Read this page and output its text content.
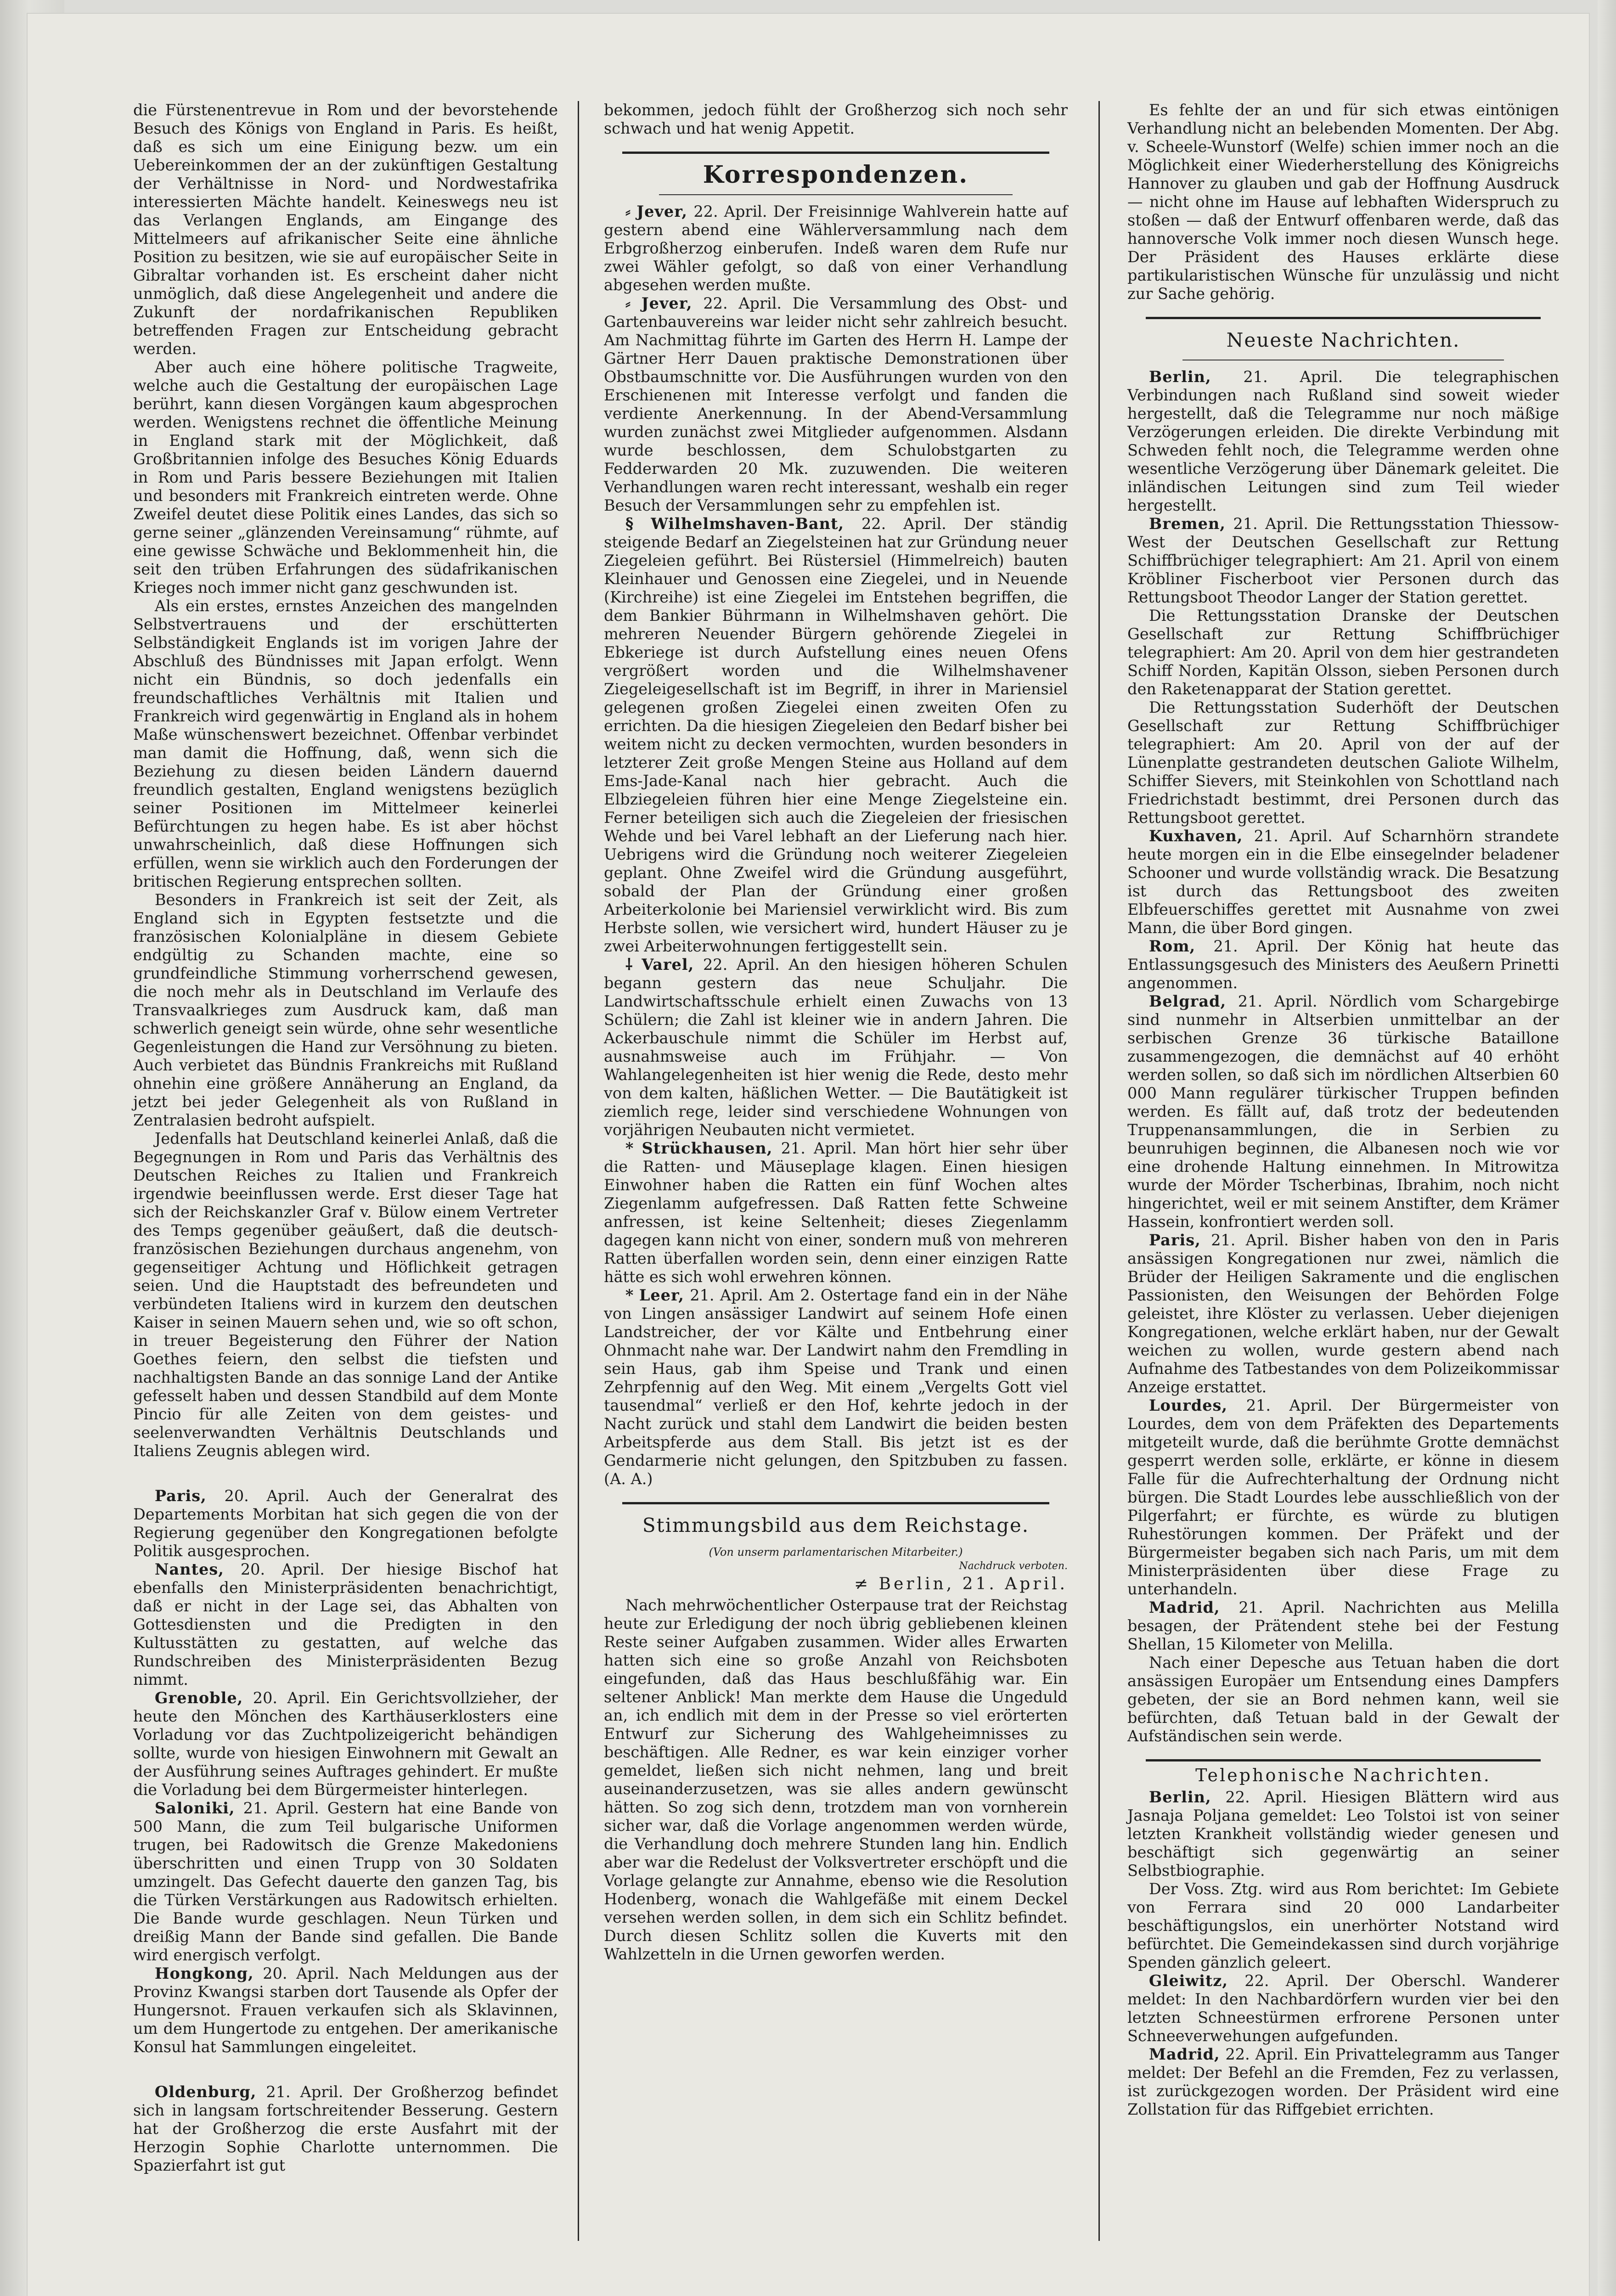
die Fürstenentrevue in Rom und der bevorstehende Besuch des Königs von England in Paris. Es heißt, daß es sich um eine Einigung bezw. um ein Uebereinkommen der an der zukünftigen Gestaltung der Verhältnisse in Nord- und Nordwestafrika interessierten Mächte handelt. Keineswegs neu ist das Verlangen Englands, am Eingange des Mittelmeers auf afrikanischer Seite eine ähnliche Position zu besitzen, wie sie auf europäischer Seite in Gibraltar vorhanden ist. Es erscheint daher nicht unmöglich, daß diese Angelegenheit und andere die Zukunft der nordafrikanischen Republiken betreffenden Fragen zur Entscheidung gebracht werden.

Aber auch eine höhere politische Tragweite, welche auch die Gestaltung der europäischen Lage berührt, kann diesen Vorgängen kaum abgesprochen werden. Wenigstens rechnet die öffentliche Meinung in England stark mit der Möglichkeit, daß Großbritannien infolge des Besuches König Eduards in Rom und Paris bessere Beziehungen mit Italien und besonders mit Frankreich eintreten werde. Ohne Zweifel deutet diese Politik eines Landes, das sich so gerne seiner „glänzenden Vereinsamung“ rühmte, auf eine gewisse Schwäche und Beklommenheit hin, die seit den trüben Erfahrungen des südafrikanischen Krieges noch immer nicht ganz geschwunden ist.

Als ein erstes, ernstes Anzeichen des mangelnden Selbstvertrauens und der erschütterten Selbständigkeit Englands ist im vorigen Jahre der Abschluß des Bündnisses mit Japan erfolgt. Wenn nicht ein Bündnis, so doch jedenfalls ein freundschaftliches Verhältnis mit Italien und Frankreich wird gegenwärtig in England als in hohem Maße wünschenswert bezeichnet. Offenbar verbindet man damit die Hoffnung, daß, wenn sich die Beziehung zu diesen beiden Ländern dauernd freundlich gestalten, England wenigstens bezüglich seiner Positionen im Mittelmeer keinerlei Befürchtungen zu hegen habe. Es ist aber höchst unwahrscheinlich, daß diese Hoffnungen sich erfüllen, wenn sie wirklich auch den Forderungen der britischen Regierung entsprechen sollten.

Besonders in Frankreich ist seit der Zeit, als England sich in Egypten festsetzte und die französischen Kolonialpläne in diesem Gebiete endgültig zu Schanden machte, eine so grundfeindliche Stimmung vorherrschend gewesen, die noch mehr als in Deutschland im Verlaufe des Transvaalkrieges zum Ausdruck kam, daß man schwerlich geneigt sein würde, ohne sehr wesentliche Gegenleistungen die Hand zur Versöhnung zu bieten. Auch verbietet das Bündnis Frankreichs mit Rußland ohnehin eine größere Annäherung an England, da jetzt bei jeder Gelegenheit als von Rußland in Zentralasien bedroht aufspielt.

Jedenfalls hat Deutschland keinerlei Anlaß, daß die Begegnungen in Rom und Paris das Verhältnis des Deutschen Reiches zu Italien und Frankreich irgendwie beeinflussen werde. Erst dieser Tage hat sich der Reichskanzler Graf v. Bülow einem Vertreter des Temps gegenüber geäußert, daß die deutsch-französischen Beziehungen durchaus angenehm, von gegenseitiger Achtung und Höflichkeit getragen seien. Und die Hauptstadt des befreundeten und verbündeten Italiens wird in kurzem den deutschen Kaiser in seinen Mauern sehen und, wie so oft schon, in treuer Begeisterung den Führer der Nation Goethes feiern, den selbst die tiefsten und nachhaltigsten Bande an das sonnige Land der Antike gefesselt haben und dessen Standbild auf dem Monte Pincio für alle Zeiten von dem geistes- und seelenverwandten Verhältnis Deutschlands und Italiens Zeugnis ablegen wird.

Paris, 20. April. Auch der Generalrat des Departements Morbitan hat sich gegen die von der Regierung gegenüber den Kongregationen befolgte Politik ausgesprochen.

Nantes, 20. April. Der hiesige Bischof hat ebenfalls den Ministerpräsidenten benachrichtigt, daß er nicht in der Lage sei, das Abhalten von Gottesdiensten und die Predigten in den Kultusstätten zu gestatten, auf welche das Rundschreiben des Ministerpräsidenten Bezug nimmt.

Grenoble, 20. April. Ein Gerichtsvollzieher, der heute den Mönchen des Karthäuserklosters eine Vorladung vor das Zuchtpolizeigericht behändigen sollte, wurde von hiesigen Einwohnern mit Gewalt an der Ausführung seines Auftrages gehindert. Er mußte die Vorladung bei dem Bürgermeister hinterlegen.

Saloniki, 21. April. Gestern hat eine Bande von 500 Mann, die zum Teil bulgarische Uniformen trugen, bei Radowitsch die Grenze Makedoniens überschritten und einen Trupp von 30 Soldaten umzingelt. Das Gefecht dauerte den ganzen Tag, bis die Türken Verstärkungen aus Radowitsch erhielten. Die Bande wurde geschlagen. Neun Türken und dreißig Mann der Bande sind gefallen. Die Bande wird energisch verfolgt.

Hongkong, 20. April. Nach Meldungen aus der Provinz Kwangsi starben dort Tausende als Opfer der Hungersnot. Frauen verkaufen sich als Sklavinnen, um dem Hungertode zu entgehen. Der amerikanische Konsul hat Sammlungen eingeleitet.

Oldenburg, 21. April. Der Großherzog befindet sich in langsam fortschreitender Besserung. Gestern hat der Großherzog die erste Ausfahrt mit der Herzogin Sophie Charlotte unternommen. Die Spazierfahrt ist gut

bekommen, jedoch fühlt der Großherzog sich noch sehr schwach und hat wenig Appetit.

Korrespondenzen.

⸗ Jever, 22. April. Der Freisinnige Wahlverein hatte auf gestern abend eine Wählerversammlung nach dem Erbgroßherzog einberufen. Indeß waren dem Rufe nur zwei Wähler gefolgt, so daß von einer Verhandlung abgesehen werden mußte.

⸗ Jever, 22. April. Die Versammlung des Obst- und Gartenbauvereins war leider nicht sehr zahlreich besucht. Am Nachmittag führte im Garten des Herrn H. Lampe der Gärtner Herr Dauen praktische Demonstrationen über Obstbaumschnitte vor. Die Ausführungen wurden von den Erschienenen mit Interesse verfolgt und fanden die verdiente Anerkennung. In der Abend-Versammlung wurden zunächst zwei Mitglieder aufgenommen. Alsdann wurde beschlossen, dem Schulobstgarten zu Fedderwarden 20 Mk. zuzuwenden. Die weiteren Verhandlungen waren recht interessant, weshalb ein reger Besuch der Versammlungen sehr zu empfehlen ist.

§ Wilhelmshaven-Bant, 22. April. Der ständig steigende Bedarf an Ziegelsteinen hat zur Gründung neuer Ziegeleien geführt. Bei Rüstersiel (Himmelreich) bauten Kleinhauer und Genossen eine Ziegelei, und in Neuende (Kirchreihe) ist eine Ziegelei im Entstehen begriffen, die dem Bankier Bührmann in Wilhelmshaven gehört. Die mehreren Neuender Bürgern gehörende Ziegelei in Ebkeriege ist durch Aufstellung eines neuen Ofens vergrößert worden und die Wilhelmshavener Ziegeleigesellschaft ist im Begriff, in ihrer in Mariensiel gelegenen großen Ziegelei einen zweiten Ofen zu errichten. Da die hiesigen Ziegeleien den Bedarf bisher bei weitem nicht zu decken vermochten, wurden besonders in letzterer Zeit große Mengen Steine aus Holland auf dem Ems-Jade-Kanal nach hier gebracht. Auch die Elbziegeleien führen hier eine Menge Ziegelsteine ein. Ferner beteiligen sich auch die Ziegeleien der friesischen Wehde und bei Varel lebhaft an der Lieferung nach hier. Uebrigens wird die Gründung noch weiterer Ziegeleien geplant. Ohne Zweifel wird die Gründung ausgeführt, sobald der Plan der Gründung einer großen Arbeiterkolonie bei Mariensiel verwirklicht wird. Bis zum Herbste sollen, wie versichert wird, hundert Häuser zu je zwei Arbeiterwohnungen fertiggestellt sein.

⸸ Varel, 22. April. An den hiesigen höheren Schulen begann gestern das neue Schuljahr. Die Landwirtschaftsschule erhielt einen Zuwachs von 13 Schülern; die Zahl ist kleiner wie in andern Jahren. Die Ackerbauschule nimmt die Schüler im Herbst auf, ausnahmsweise auch im Frühjahr. — Von Wahlangelegenheiten ist hier wenig die Rede, desto mehr von dem kalten, häßlichen Wetter. — Die Bautätigkeit ist ziemlich rege, leider sind verschiedene Wohnungen von vorjährigen Neubauten nicht vermietet.

* Strückhausen, 21. April. Man hört hier sehr über die Ratten- und Mäuseplage klagen. Einen hiesigen Einwohner haben die Ratten ein fünf Wochen altes Ziegenlamm aufgefressen. Daß Ratten fette Schweine anfressen, ist keine Seltenheit; dieses Ziegenlamm dagegen kann nicht von einer, sondern muß von mehreren Ratten überfallen worden sein, denn einer einzigen Ratte hätte es sich wohl erwehren können.

* Leer, 21. April. Am 2. Ostertage fand ein in der Nähe von Lingen ansässiger Landwirt auf seinem Hofe einen Landstreicher, der vor Kälte und Entbehrung einer Ohnmacht nahe war. Der Landwirt nahm den Fremdling in sein Haus, gab ihm Speise und Trank und einen Zehrpfennig auf den Weg. Mit einem „Vergelts Gott viel tausendmal“ verließ er den Hof, kehrte jedoch in der Nacht zurück und stahl dem Landwirt die beiden besten Arbeitspferde aus dem Stall. Bis jetzt ist es der Gendarmerie nicht gelungen, den Spitzbuben zu fassen. (A. A.)

Stimmungsbild aus dem Reichstage.
(Von unserm parlamentarischen Mitarbeiter.)
Nachdruck verboten.
≠ Berlin, 21. April.

Nach mehrwöchentlicher Osterpause trat der Reichstag heute zur Erledigung der noch übrig gebliebenen kleinen Reste seiner Aufgaben zusammen. Wider alles Erwarten hatten sich eine so große Anzahl von Reichsboten eingefunden, daß das Haus beschlußfähig war. Ein seltener Anblick! Man merkte dem Hause die Ungeduld an, ich endlich mit dem in der Presse so viel erörterten Entwurf zur Sicherung des Wahlgeheimnisses zu beschäftigen. Alle Redner, es war kein einziger vorher gemeldet, ließen sich nicht nehmen, lang und breit auseinanderzusetzen, was sie alles andern gewünscht hätten. So zog sich denn, trotzdem man von vornherein sicher war, daß die Vorlage angenommen werden würde, die Verhandlung doch mehrere Stunden lang hin. Endlich aber war die Redelust der Volksvertreter erschöpft und die Vorlage gelangte zur Annahme, ebenso wie die Resolution Hodenberg, wonach die Wahlgefäße mit einem Deckel versehen werden sollen, in dem sich ein Schlitz befindet. Durch diesen Schlitz sollen die Kuverts mit den Wahlzetteln in die Urnen geworfen werden.

Es fehlte der an und für sich etwas eintönigen Verhandlung nicht an belebenden Momenten. Der Abg. v. Scheele-Wunstorf (Welfe) schien immer noch an die Möglichkeit einer Wiederherstellung des Königreichs Hannover zu glauben und gab der Hoffnung Ausdruck — nicht ohne im Hause auf lebhaften Widerspruch zu stoßen — daß der Entwurf offenbaren werde, daß das hannoversche Volk immer noch diesen Wunsch hege. Der Präsident des Hauses erklärte diese partikularistischen Wünsche für unzulässig und nicht zur Sache gehörig.

Neueste Nachrichten.

Berlin, 21. April. Die telegraphischen Verbindungen nach Rußland sind soweit wieder hergestellt, daß die Telegramme nur noch mäßige Verzögerungen erleiden. Die direkte Verbindung mit Schweden fehlt noch, die Telegramme werden ohne wesentliche Verzögerung über Dänemark geleitet. Die inländischen Leitungen sind zum Teil wieder hergestellt.

Bremen, 21. April. Die Rettungsstation Thiessow-West der Deutschen Gesellschaft zur Rettung Schiffbrüchiger telegraphiert: Am 21. April von einem Kröbliner Fischerboot vier Personen durch das Rettungsboot Theodor Langer der Station gerettet.

Die Rettungsstation Dranske der Deutschen Gesellschaft zur Rettung Schiffbrüchiger telegraphiert: Am 20. April von dem hier gestrandeten Schiff Norden, Kapitän Olsson, sieben Personen durch den Raketenapparat der Station gerettet.

Die Rettungsstation Suderhöft der Deutschen Gesellschaft zur Rettung Schiffbrüchiger telegraphiert: Am 20. April von der auf der Lünenplatte gestrandeten deutschen Galiote Wilhelm, Schiffer Sievers, mit Steinkohlen von Schottland nach Friedrichstadt bestimmt, drei Personen durch das Rettungsboot gerettet.

Kuxhaven, 21. April. Auf Scharnhörn strandete heute morgen ein in die Elbe einsegelnder beladener Schooner und wurde vollständig wrack. Die Besatzung ist durch das Rettungsboot des zweiten Elbfeuerschiffes gerettet mit Ausnahme von zwei Mann, die über Bord gingen.

Rom, 21. April. Der König hat heute das Entlassungsgesuch des Ministers des Aeußern Prinetti angenommen.

Belgrad, 21. April. Nördlich vom Schargebirge sind nunmehr in Altserbien unmittelbar an der serbischen Grenze 36 türkische Bataillone zusammengezogen, die demnächst auf 40 erhöht werden sollen, so daß sich im nördlichen Altserbien 60 000 Mann regulärer türkischer Truppen befinden werden. Es fällt auf, daß trotz der bedeutenden Truppenansammlungen, die in Serbien zu beunruhigen beginnen, die Albanesen noch wie vor eine drohende Haltung einnehmen. In Mitrowitza wurde der Mörder Tscherbinas, Ibrahim, noch nicht hingerichtet, weil er mit seinem Anstifter, dem Krämer Hassein, konfrontiert werden soll.

Paris, 21. April. Bisher haben von den in Paris ansässigen Kongregationen nur zwei, nämlich die Brüder der Heiligen Sakramente und die englischen Passionisten, den Weisungen der Behörden Folge geleistet, ihre Klöster zu verlassen. Ueber diejenigen Kongregationen, welche erklärt haben, nur der Gewalt weichen zu wollen, wurde gestern abend nach Aufnahme des Tatbestandes von dem Polizeikommissar Anzeige erstattet.

Lourdes, 21. April. Der Bürgermeister von Lourdes, dem von dem Präfekten des Departements mitgeteilt wurde, daß die berühmte Grotte demnächst gesperrt werden solle, erklärte, er könne in diesem Falle für die Aufrechterhaltung der Ordnung nicht bürgen. Die Stadt Lourdes lebe ausschließlich von der Pilgerfahrt; er fürchte, es würde zu blutigen Ruhestörungen kommen. Der Präfekt und der Bürgermeister begaben sich nach Paris, um mit dem Ministerpräsidenten über diese Frage zu unterhandeln.

Madrid, 21. April. Nachrichten aus Melilla besagen, der Prätendent stehe bei der Festung Shellan, 15 Kilometer von Melilla.

Nach einer Depesche aus Tetuan haben die dort ansässigen Europäer um Entsendung eines Dampfers gebeten, der sie an Bord nehmen kann, weil sie befürchten, daß Tetuan bald in der Gewalt der Aufständischen sein werde.

Telephonische Nachrichten.

Berlin, 22. April. Hiesigen Blättern wird aus Jasnaja Poljana gemeldet: Leo Tolstoi ist von seiner letzten Krankheit vollständig wieder genesen und beschäftigt sich gegenwärtig an seiner Selbstbiographie.

Der Voss. Ztg. wird aus Rom berichtet: Im Gebiete von Ferrara sind 20 000 Landarbeiter beschäftigungslos, ein unerhörter Notstand wird befürchtet. Die Gemeindekassen sind durch vorjährige Spenden gänzlich geleert.

Gleiwitz, 22. April. Der Oberschl. Wanderer meldet: In den Nachbardörfern wurden vier bei den letzten Schneestürmen erfrorene Personen unter Schneeverwehungen aufgefunden.

Madrid, 22. April. Ein Privattelegramm aus Tanger meldet: Der Befehl an die Fremden, Fez zu verlassen, ist zurückgezogen worden. Der Präsident wird eine Zollstation für das Riffgebiet errichten.
